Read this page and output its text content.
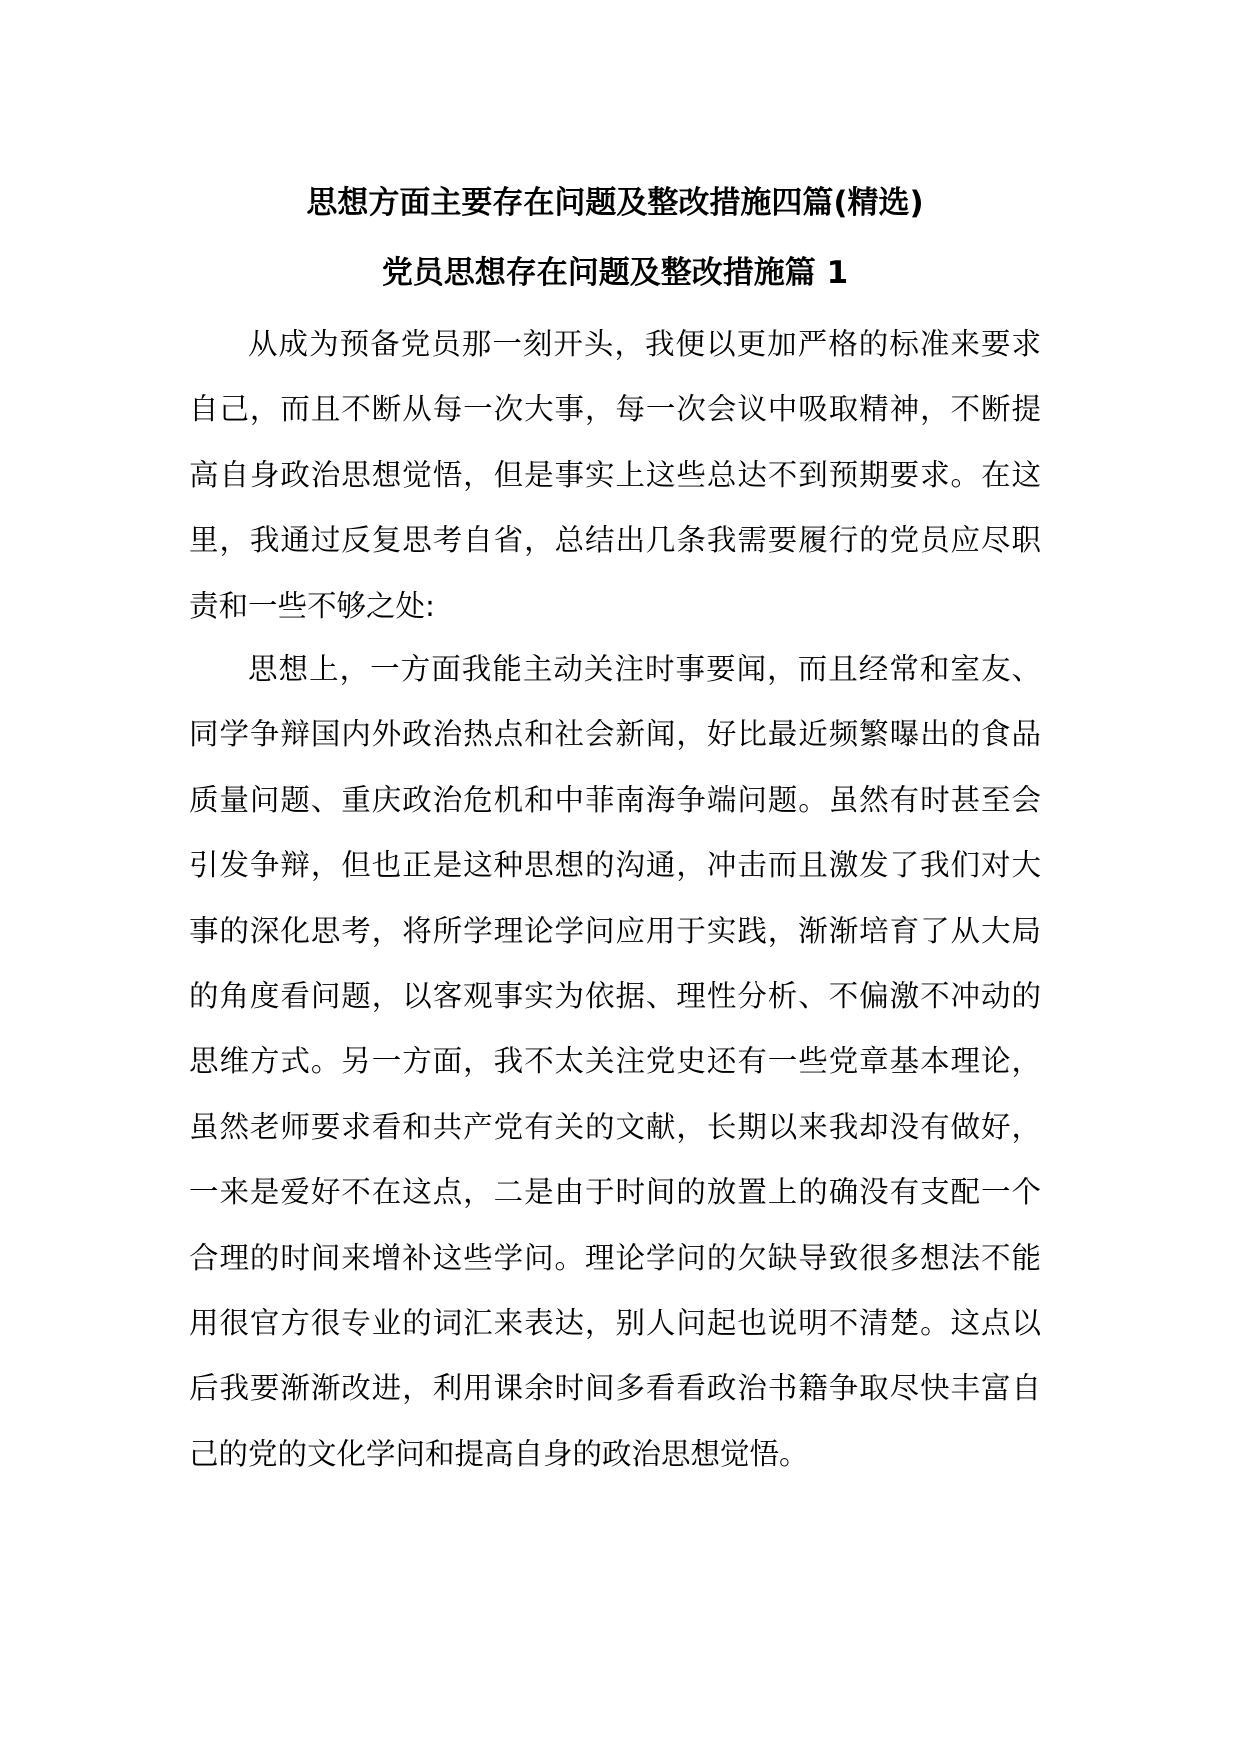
思想方面主要存在问题及整改措施四篇(精选)
党员思想存在问题及整改措施篇 1

从成为预备党员那一刻开头，我便以更加严格的标准来要求自己，而且不断从每一次大事，每一次会议中吸取精神，不断提高自身政治思想觉悟，但是事实上这些总达不到预期要求。在这里，我通过反复思考自省，总结出几条我需要履行的党员应尽职责和一些不够之处:

思想上，一方面我能主动关注时事要闻，而且经常和室友、同学争辩国内外政治热点和社会新闻，好比最近频繁曝出的食品质量问题、重庆政治危机和中菲南海争端问题。虽然有时甚至会引发争辩，但也正是这种思想的沟通，冲击而且激发了我们对大事的深化思考，将所学理论学问应用于实践，渐渐培育了从大局的角度看问题，以客观事实为依据、理性分析、不偏激不冲动的思维方式。另一方面，我不太关注党史还有一些党章基本理论，虽然老师要求看和共产党有关的文献，长期以来我却没有做好，一来是爱好不在这点，二是由于时间的放置上的确没有支配一个合理的时间来增补这些学问。理论学问的欠缺导致很多想法不能用很官方很专业的词汇来表达，别人问起也说明不清楚。这点以后我要渐渐改进，利用课余时间多看看政治书籍争取尽快丰富自己的党的文化学问和提高自身的政治思想觉悟。
